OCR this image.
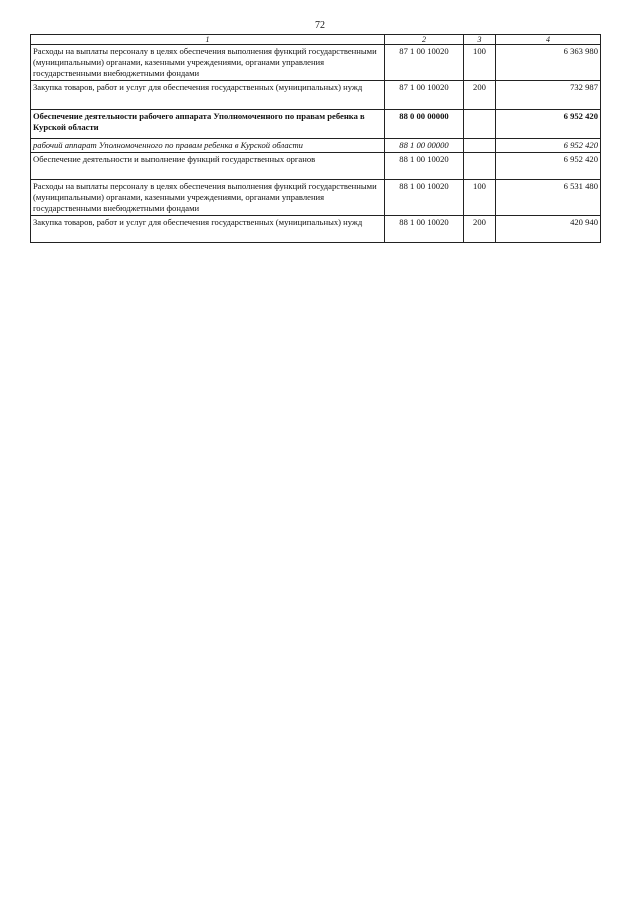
72
1	2	3	4
Расходы на выплаты персоналу в целях обеспечения выполнения функций государственными (муниципальными) органами, казенными учреждениями, органами управления государственными внебюджетными фондами	87 1 00 10020	100	6 363 980
Закупка товаров, работ и услуг для обеспечения государственных (муниципальных) нужд	87 1 00 10020	200	732 987
Обеспечение деятельности рабочего аппарата Уполномоченного по правам ребенка в Курской области	88 0 00 00000		6 952 420
рабочий аппарат Уполномоченного по правам ребенка в Курской области	88 1 00 00000		6 952 420
Обеспечение деятельности и выполнение функций государственных органов	88 1 00 10020		6 952 420
Расходы на выплаты персоналу в целях обеспечения выполнения функций государственными (муниципальными) органами, казенными учреждениями, органами управления государственными внебюджетными фондами	88 1 00 10020	100	6 531 480
Закупка товаров, работ и услуг для обеспечения государственных (муниципальных) нужд	88 1 00 10020	200	420 940
